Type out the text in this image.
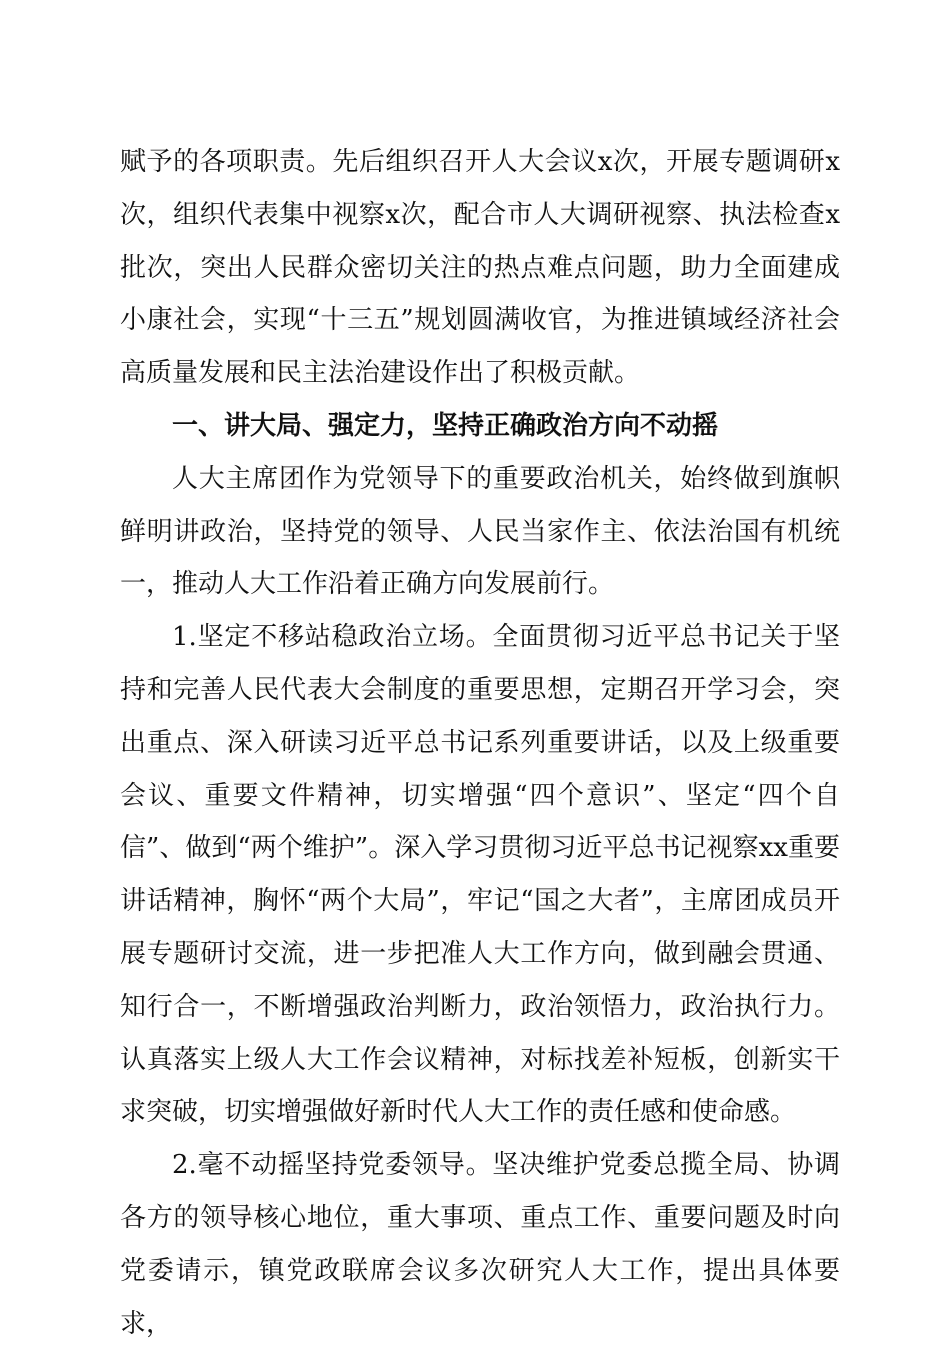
赋予的各项职责。先后组织召开人大会议x次，开展专题调研x次，组织代表集中视察x次，配合市人大调研视察、执法检查x批次，突出人民群众密切关注的热点难点问题，助力全面建成小康社会，实现“十三五”规划圆满收官，为推进镇域经济社会高质量发展和民主法治建设作出了积极贡献。

一、讲大局、强定力，坚持正确政治方向不动摇

人大主席团作为党领导下的重要政治机关，始终做到旗帜鲜明讲政治，坚持党的领导、人民当家作主、依法治国有机统一，推动人大工作沿着正确方向发展前行。

1.坚定不移站稳政治立场。全面贯彻习近平总书记关于坚持和完善人民代表大会制度的重要思想，定期召开学习会，突出重点、深入研读习近平总书记系列重要讲话，以及上级重要会议、重要文件精神，切实增强“四个意识”、坚定“四个自信”、做到“两个维护”。深入学习贯彻习近平总书记视察xx重要讲话精神，胸怀“两个大局”，牢记“国之大者”，主席团成员开展专题研讨交流，进一步把准人大工作方向，做到融会贯通、知行合一，不断增强政治判断力，政治领悟力，政治执行力。认真落实上级人大工作会议精神，对标找差补短板，创新实干求突破，切实增强做好新时代人大工作的责任感和使命感。

2.毫不动摇坚持党委领导。坚决维护党委总揽全局、协调各方的领导核心地位，重大事项、重点工作、重要问题及时向党委请示，镇党政联席会议多次研究人大工作，提出具体要求，
